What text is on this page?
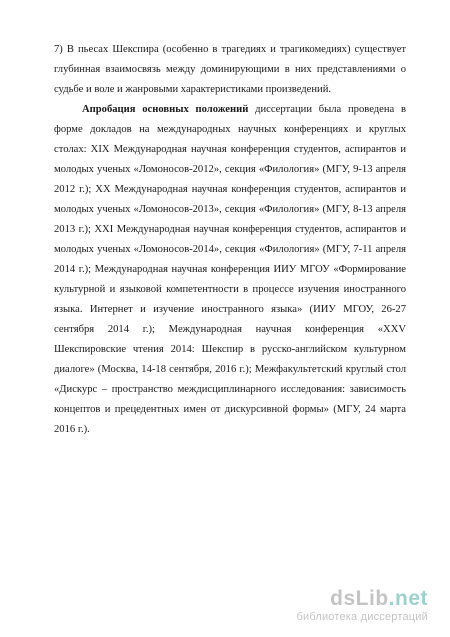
7) В пьесах Шекспира (особенно в трагедиях и трагикомедиях) существует глубинная взаимосвязь между доминирующими в них представлениями о судьбе и воле и жанровыми характеристиками произведений.

Апробация основных положений диссертации была проведена в форме докладов на международных научных конференциях и круглых столах: XIX Международная научная конференция студентов, аспирантов и молодых ученых «Ломоносов-2012», секция «Филология» (МГУ, 9-13 апреля 2012 г.); XX Международная научная конференция студентов, аспирантов и молодых ученых «Ломоносов-2013», секция «Филология» (МГУ, 8-13 апреля 2013 г.); XXI Международная научная конференция студентов, аспирантов и молодых ученых «Ломоносов-2014», секция «Филология» (МГУ, 7-11 апреля 2014 г.); Международная научная конференция ИИУ МГОУ «Формирование культурной и языковой компетентности в процессе изучения иностранного языка. Интернет и изучение иностранного языка» (ИИУ МГОУ, 26-27 сентября 2014 г.); Международная научная конференция «XXV Шекспировские чтения 2014: Шекспир в русско-английском культурном диалоге» (Москва, 14-18 сентября, 2016 г.); Межфакультетский круглый стол «Дискурс – пространство междисциплинарного исследования: зависимость концептов и прецедентных имен от дискурсивной формы» (МГУ, 24 марта 2016 г.).

dsLib.net
библиотека диссертаций
